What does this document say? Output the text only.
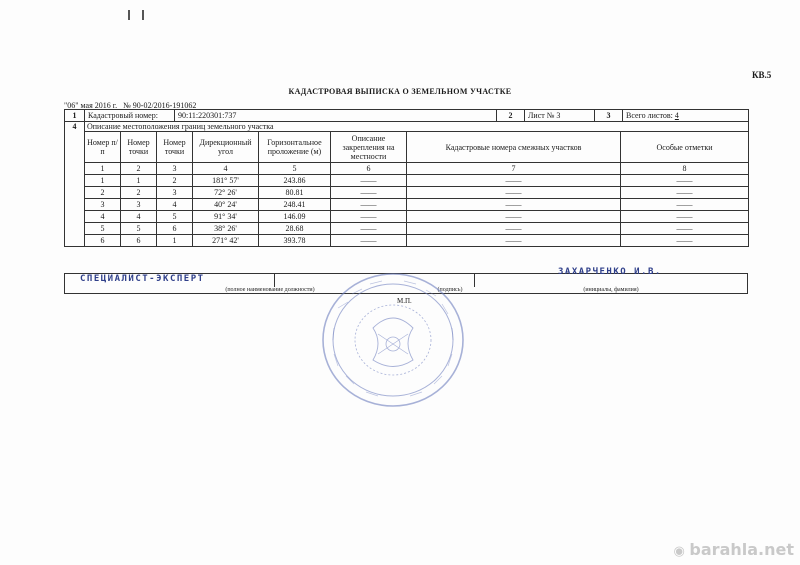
КВ.5
КАДАСТРОВАЯ ВЫПИСКА О ЗЕМЕЛЬНОМ УЧАСТКЕ
"06" мая 2016 г. № 90-02/2016-191062
1	Кадастровый номер:	90:11:220301:737	2	Лист № 3	3	Всего листов: 4
4	Описание местоположения границ земельного участка							
	Номер п/п	Номер точки	Номер точки	Дирекционный угол	Горизонтальное проложение (м)	Описание закрепления на местности	Кадастровые номера смежных участков	Особые отметки
	1	2	3	4	5	6	7	8
	1	1	2	181° 57'	243.86	——	——	——
	2	2	3	72° 26'	80.81	——	——	——
	3	3	4	40° 24'	248.41	——	——	——
	4	4	5	91° 34'	146.09	——	——	——
	5	5	6	38° 26'	28.68	——	——	——
	6	6	1	271° 42'	393.78	——	——	——
(полное наименование должности)	(подпись)	(инициалы, фамилия)
СПЕЦИАЛИСТ-ЭКСПЕРТ
ЗАХАРЧЕНКО И.В.
М.П.
◉ barahla.net
